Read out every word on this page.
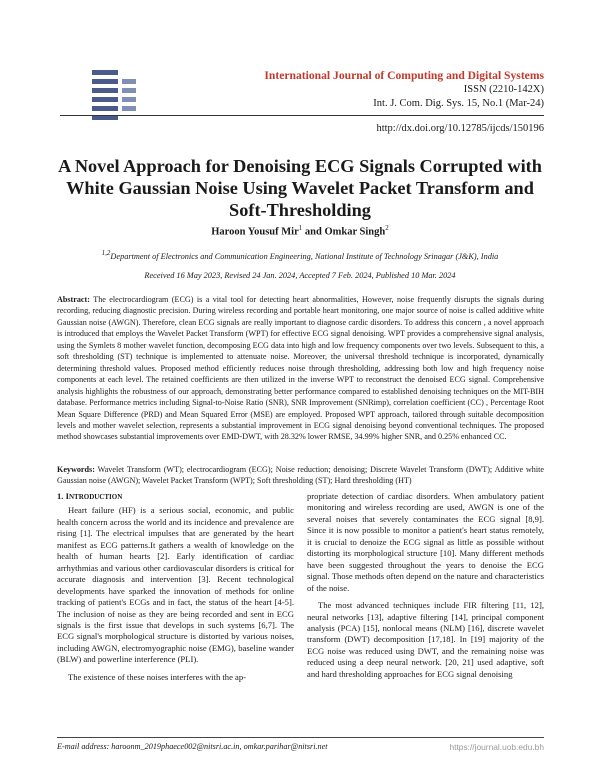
International Journal of Computing and Digital Systems
ISSN (2210-142X)
Int. J. Com. Dig. Sys. 15, No.1 (Mar-24)
http://dx.doi.org/10.12785/ijcds/150196
A Novel Approach for Denoising ECG Signals Corrupted with White Gaussian Noise Using Wavelet Packet Transform and Soft-Thresholding
Haroon Yousuf Mir$^1$ and Omkar Singh$^2$
$^{1,2}$Department of Electronics and Communication Engineering, National Institute of Technology Srinagar (J&K), India
Received 16 May 2023, Revised 24 Jan. 2024, Accepted 7 Feb. 2024, Published 10 Mar. 2024

Abstract: The electrocardiogram (ECG) is a vital tool for detecting heart abnormalities, However, noise frequently disrupts the signals during recording, reducing diagnostic precision. During wireless recording and portable heart monitoring, one major source of noise is called additive white Gaussian noise (AWGN). Therefore, clean ECG signals are really important to diagnose cardic disorders. To address this concern , a novel approach is introduced that employs the Wavelet Packet Transform (WPT) for effective ECG signal denoising. WPT provides a comprehensive signal analysis, using the Symlets 8 mother wavelet function, decomposing ECG data into high and low frequency components over two levels. Subsequent to this, a soft thresholding (ST) technique is implemented to attenuate noise. Moreover, the universal threshold technique is incorporated, dynamically determining threshold values. Proposed method efficiently reduces noise through thresholding, addressing both low and high frequency noise components at each level. The retained coefficients are then utilized in the inverse WPT to reconstruct the denoised ECG signal. Comprehensive analysis highlights the robustness of our approach, demonstrating better performance compared to established denoising techniques on the MIT-BIH database. Performance metrics including Signal-to-Noise Ratio (SNR), SNR Improvement (SNRimp), correlation coefficient (CC) , Percentage Root Mean Square Difference (PRD) and Mean Squared Error (MSE) are employed. Proposed WPT approach, tailored through suitable decomposition levels and mother wavelet selection, represents a substantial improvement in ECG signal denoising beyond conventional techniques. The proposed method showcases substantial improvements over EMD-DWT, with 28.32% lower RMSE, 34.99% higher SNR, and 0.25% enhanced CC.

Keywords: Wavelet Transform (WT); electrocardiogram (ECG); Noise reduction; denoising; Discrete Wavelet Transform (DWT); Additive white Gaussian noise (AWGN); Wavelet Packet Transform (WPT); Soft thresholding (ST); Hard thresholding (HT)

1. INTRODUCTION

Heart failure (HF) is a serious social, economic, and public health concern across the world and its incidence and prevalence are rising [1]. The electrical impulses that are generated by the heart manifest as ECG patterns.It gathers a wealth of knowledge on the health of human hearts [2]. Early identification of cardiac arrhythmias and various other cardiovascular disorders is critical for accurate diagnosis and intervention [3]. Recent technological developments have sparked the innovation of methods for online tracking of patient's ECGs and in fact, the status of the heart [4-5]. The inclusion of noise as they are being recorded and sent in ECG signals is the first issue that develops in such systems [6,7]. The ECG signal's morphological structure is distorted by various noises, including AWGN, electromyographic noise (EMG), baseline wander (BLW) and powerline interference (PLI).

The existence of these noises interferes with the ap-

propriate detection of cardiac disorders. When ambulatory patient monitoring and wireless recording are used, AWGN is one of the several noises that severely contaminates the ECG signal [8,9]. Since it is now possible to monitor a patient's heart status remotely, it is crucial to denoize the ECG signal as little as possible without distorting its morphological structure [10]. Many different methods have been suggested throughout the years to denoise the ECG signal. Those methods often depend on the nature and characteristics of the noise.

The most advanced techniques include FIR filtering [11, 12], neural networks [13], adaptive filtering [14], principal component analysis (PCA) [15], nonlocal means (NLM) [16], discrete wavelet transform (DWT) decomposition [17,18]. In [19] majority of the ECG noise was reduced using DWT, and the remaining noise was reduced using a deep neural network. [20, 21] used adaptive, soft and hard thresholding approaches for ECG signal denoising

E-mail address: haroonm_2019phaece002@nitsri.ac.in, omkar.parihar@nitsri.net	https://journal.uob.edu.bh
